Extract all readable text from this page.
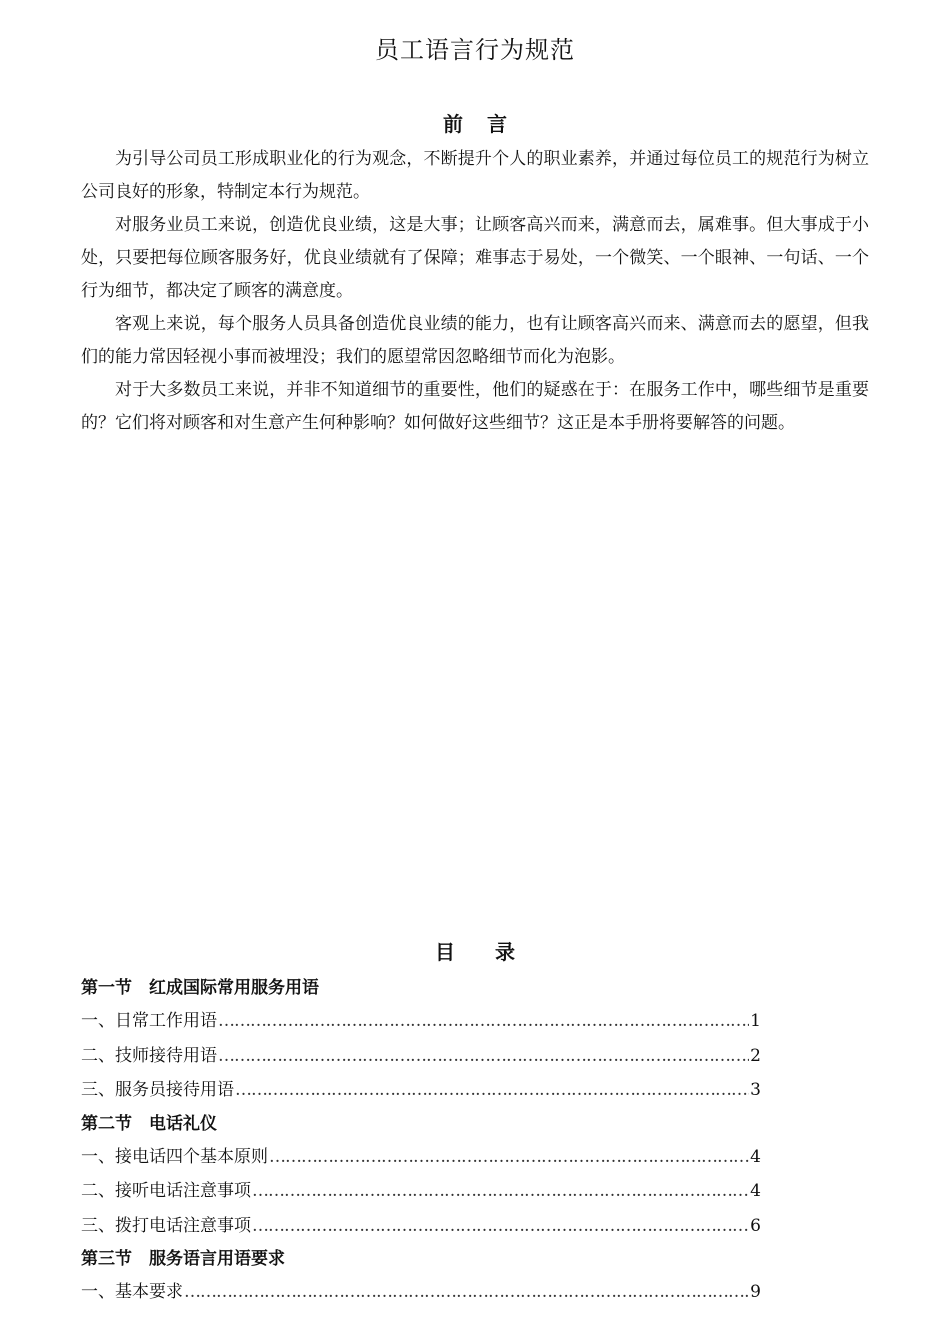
员工语言行为规范
前言

为引导公司员工形成职业化的行为观念，不断提升个人的职业素养，并通过每位员工的规范行为树立公司良好的形象，特制定本行为规范。

对服务业员工来说，创造优良业绩，这是大事；让顾客高兴而来，满意而去，属难事。但大事成于小处，只要把每位顾客服务好，优良业绩就有了保障；难事志于易处，一个微笑、一个眼神、一句话、一个行为细节，都决定了顾客的满意度。

客观上来说，每个服务人员具备创造优良业绩的能力，也有让顾客高兴而来、满意而去的愿望，但我们的能力常因轻视小事而被埋没；我们的愿望常因忽略细节而化为泡影。

对于大多数员工来说，并非不知道细节的重要性，他们的疑惑在于：在服务工作中，哪些细节是重要的？它们将对顾客和对生意产生何种影响？如何做好这些细节？这正是本手册将要解答的问题。

目录
第一节　红成国际常用服务用语
一、日常工作用语 …………………………………………………………………………………………………………………………………………………………………………………………………………	1
二、技师接待用语 …………………………………………………………………………………………………………………………………………………………………………………………………………	2
三、服务员接待用语 …………………………………………………………………………………………………………………………………………………………………………………………………………	3
第二节　电话礼仪
一、接电话四个基本原则 …………………………………………………………………………………………………………………………………………………………………………………………………………	4
二、接听电话注意事项 …………………………………………………………………………………………………………………………………………………………………………………………………………	4
三、拨打电话注意事项 …………………………………………………………………………………………………………………………………………………………………………………………………………	6
第三节　服务语言用语要求
一、基本要求 …………………………………………………………………………………………………………………………………………………………………………………………………………	9
